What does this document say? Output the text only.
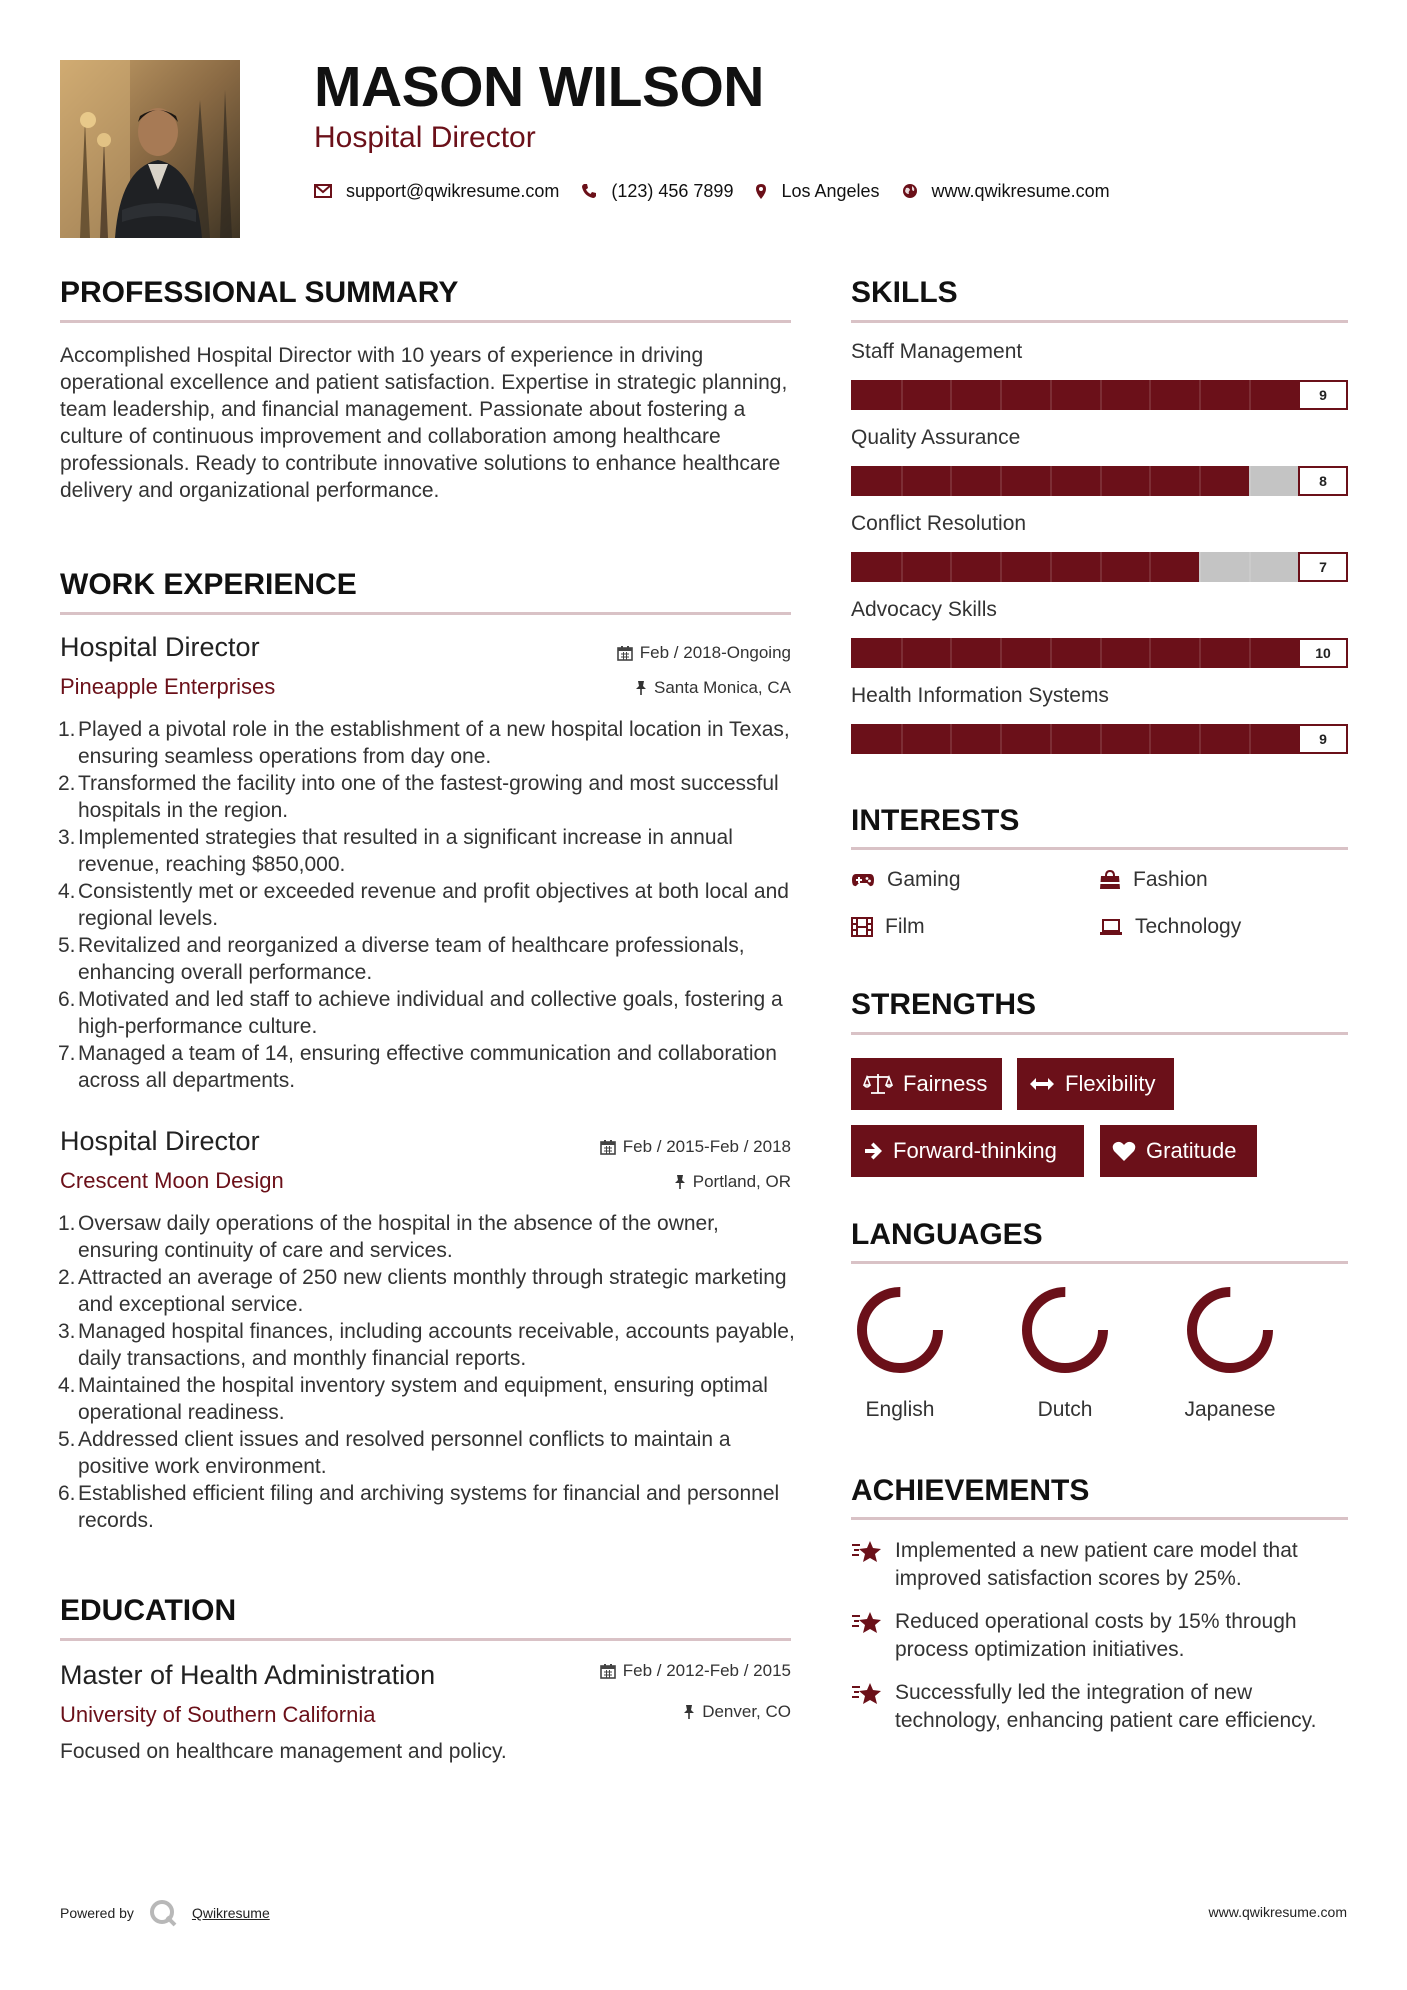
MASON WILSON
Hospital Director
support@qwikresume.com	(123) 456 7899	Los Angeles	www.qwikresume.com
PROFESSIONAL SUMMARY
Accomplished Hospital Director with 10 years of experience in driving operational excellence and patient satisfaction. Expertise in strategic planning, team leadership, and financial management. Passionate about fostering a culture of continuous improvement and collaboration among healthcare professionals. Ready to contribute innovative solutions to enhance healthcare delivery and organizational performance.
WORK EXPERIENCE
Hospital Director	Feb / 2018-Ongoing
Pineapple Enterprises	Santa Monica, CA
1. Played a pivotal role in the establishment of a new hospital location in Texas, ensuring seamless operations from day one.
2. Transformed the facility into one of the fastest-growing and most successful hospitals in the region.
3. Implemented strategies that resulted in a significant increase in annual revenue, reaching $850,000.
4. Consistently met or exceeded revenue and profit objectives at both local and regional levels.
5. Revitalized and reorganized a diverse team of healthcare professionals, enhancing overall performance.
6. Motivated and led staff to achieve individual and collective goals, fostering a high-performance culture.
7. Managed a team of 14, ensuring effective communication and collaboration across all departments.
Hospital Director	Feb / 2015-Feb / 2018
Crescent Moon Design	Portland, OR
1. Oversaw daily operations of the hospital in the absence of the owner, ensuring continuity of care and services.
2. Attracted an average of 250 new clients monthly through strategic marketing and exceptional service.
3. Managed hospital finances, including accounts receivable, accounts payable, daily transactions, and monthly financial reports.
4. Maintained the hospital inventory system and equipment, ensuring optimal operational readiness.
5. Addressed client issues and resolved personnel conflicts to maintain a positive work environment.
6. Established efficient filing and archiving systems for financial and personnel records.
EDUCATION
Master of Health Administration	Feb / 2012-Feb / 2015
University of Southern California	Denver, CO
Focused on healthcare management and policy.
SKILLS
Staff Management
9
Quality Assurance
8
Conflict Resolution
7
Advocacy Skills
10
Health Information Systems
9
INTERESTS
Gaming	Fashion
Film	Technology
STRENGTHS
Fairness	Flexibility
Forward-thinking	Gratitude
LANGUAGES
English	Dutch	Japanese
ACHIEVEMENTS
Implemented a new patient care model that improved satisfaction scores by 25%.
Reduced operational costs by 15% through process optimization initiatives.
Successfully led the integration of new technology, enhancing patient care efficiency.
Powered by	Qwikresume	www.qwikresume.com
